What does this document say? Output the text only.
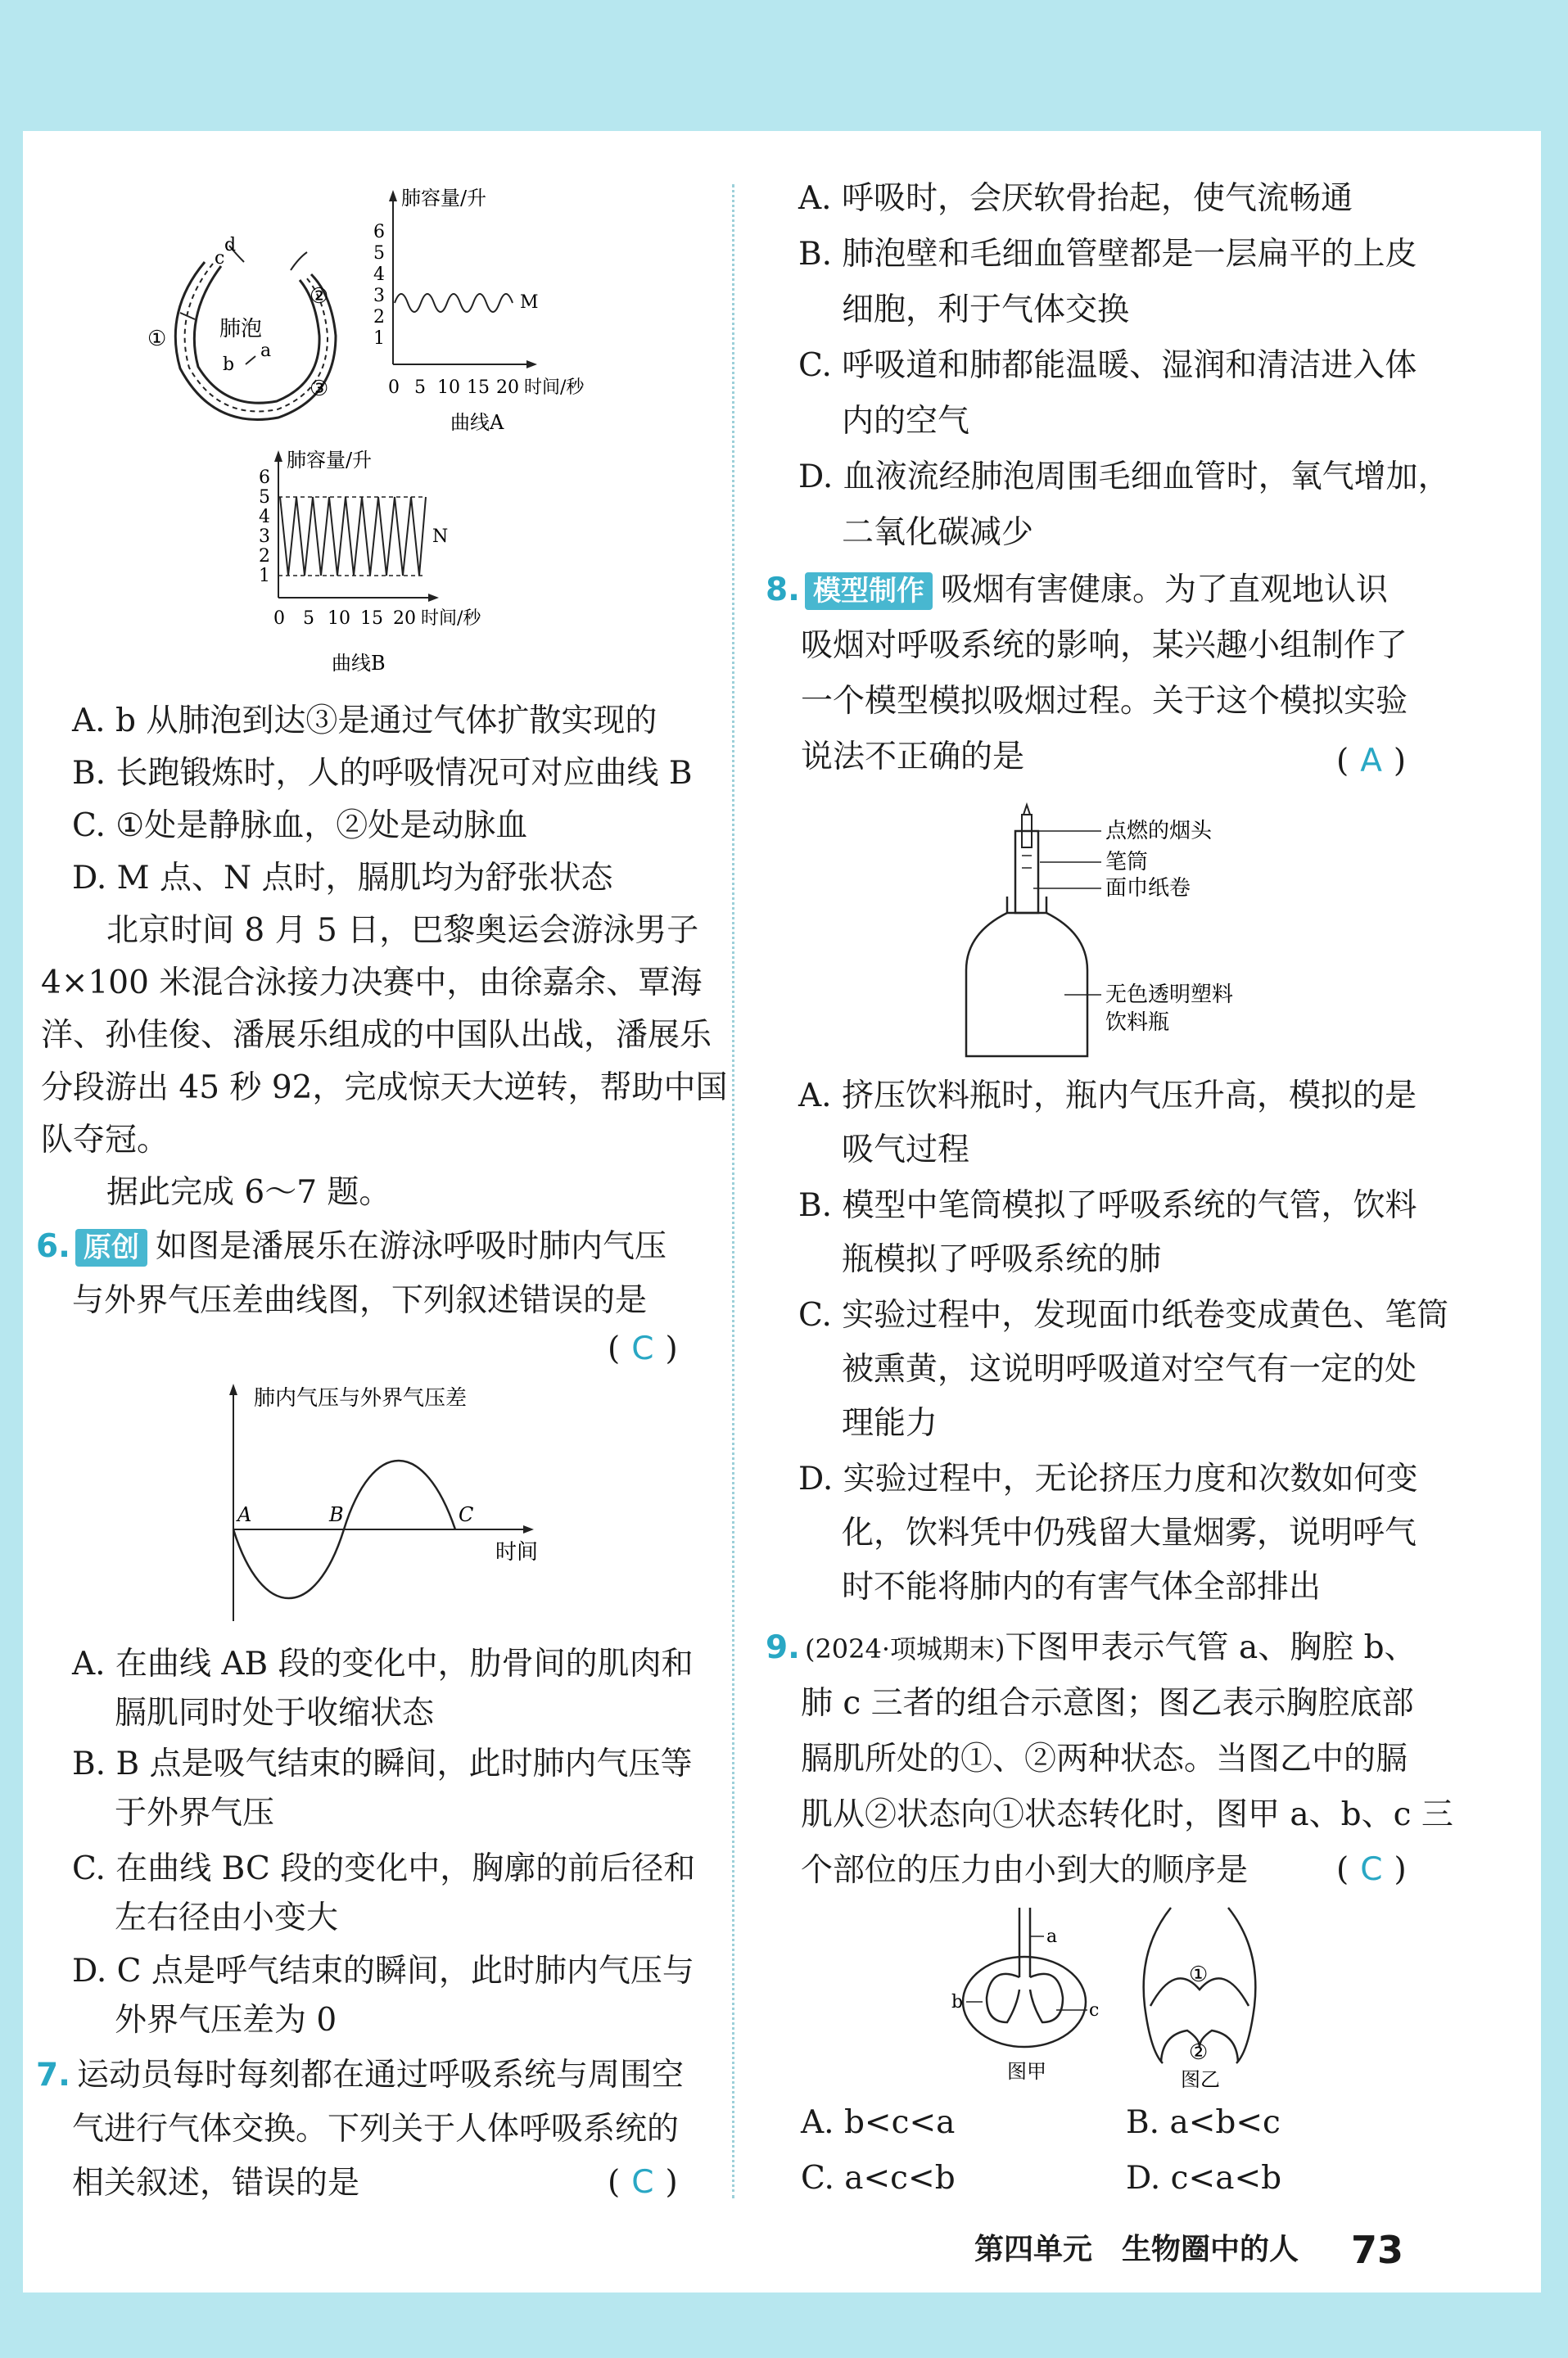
c
d
肺泡
a
b
①
②
③
肺容量/升
1
2
3
4
5
6
M
0 5 10 15 20 时间/秒
曲线A
肺容量/升
1
2
3
4
5
6
N
0 5 10 15 20 时间/秒
曲线B
A. b 从肺泡到达③是通过气体扩散实现的
B. 长跑锻炼时，人的呼吸情况可对应曲线 B
C. ①处是静脉血，②处是动脉血
D. M 点、N 点时，膈肌均为舒张状态
北京时间 8 月 5 日，巴黎奥运会游泳男子
4×100 米混合泳接力决赛中，由徐嘉余、覃海
洋、孙佳俊、潘展乐组成的中国队出战，潘展乐
分段游出 45 秒 92，完成惊天大逆转，帮助中国
队夺冠。
据此完成 6～7 题。
6. 原创 如图是潘展乐在游泳呼吸时肺内气压
与外界气压差曲线图，下列叙述错误的是
( C )
肺内气压与外界气压差
时间
A	B	C
A. 在曲线 AB 段的变化中，肋骨间的肌肉和
膈肌同时处于收缩状态
B. B 点是吸气结束的瞬间，此时肺内气压等
于外界气压
C. 在曲线 BC 段的变化中，胸廓的前后径和
左右径由小变大
D. C 点是呼气结束的瞬间，此时肺内气压与
外界气压差为 0
7. 运动员每时每刻都在通过呼吸系统与周围空
气进行气体交换。下列关于人体呼吸系统的
相关叙述，错误的是	( C )
A. 呼吸时，会厌软骨抬起，使气流畅通
B. 肺泡壁和毛细血管壁都是一层扁平的上皮
细胞，利于气体交换
C. 呼吸道和肺都能温暖、湿润和清洁进入体
内的空气
D. 血液流经肺泡周围毛细血管时，氧气增加，
二氧化碳减少
8. 模型制作 吸烟有害健康。为了直观地认识
吸烟对呼吸系统的影响，某兴趣小组制作了
一个模型模拟吸烟过程。关于这个模拟实验
说法不正确的是	( A )
点燃的烟头
笔筒
面巾纸卷
无色透明塑料
饮料瓶
A. 挤压饮料瓶时，瓶内气压升高，模拟的是
吸气过程
B. 模型中笔筒模拟了呼吸系统的气管，饮料
瓶模拟了呼吸系统的肺
C. 实验过程中，发现面巾纸卷变成黄色、笔筒
被熏黄，这说明呼吸道对空气有一定的处
理能力
D. 实验过程中，无论挤压力度和次数如何变
化，饮料凭中仍残留大量烟雾，说明呼气
时不能将肺内的有害气体全部排出
9. (2024·项城期末)下图甲表示气管 a、胸腔 b、
肺 c 三者的组合示意图；图乙表示胸腔底部
膈肌所处的①、②两种状态。当图乙中的膈
肌从②状态向①状态转化时，图甲 a、b、c 三
个部位的压力由小到大的顺序是	( C )
a
b	c
图甲
①
②
图乙
A. b<c<a	B. a<b<c
C. a<c<b	D. c<a<b
第四单元　生物圈中的人 73
